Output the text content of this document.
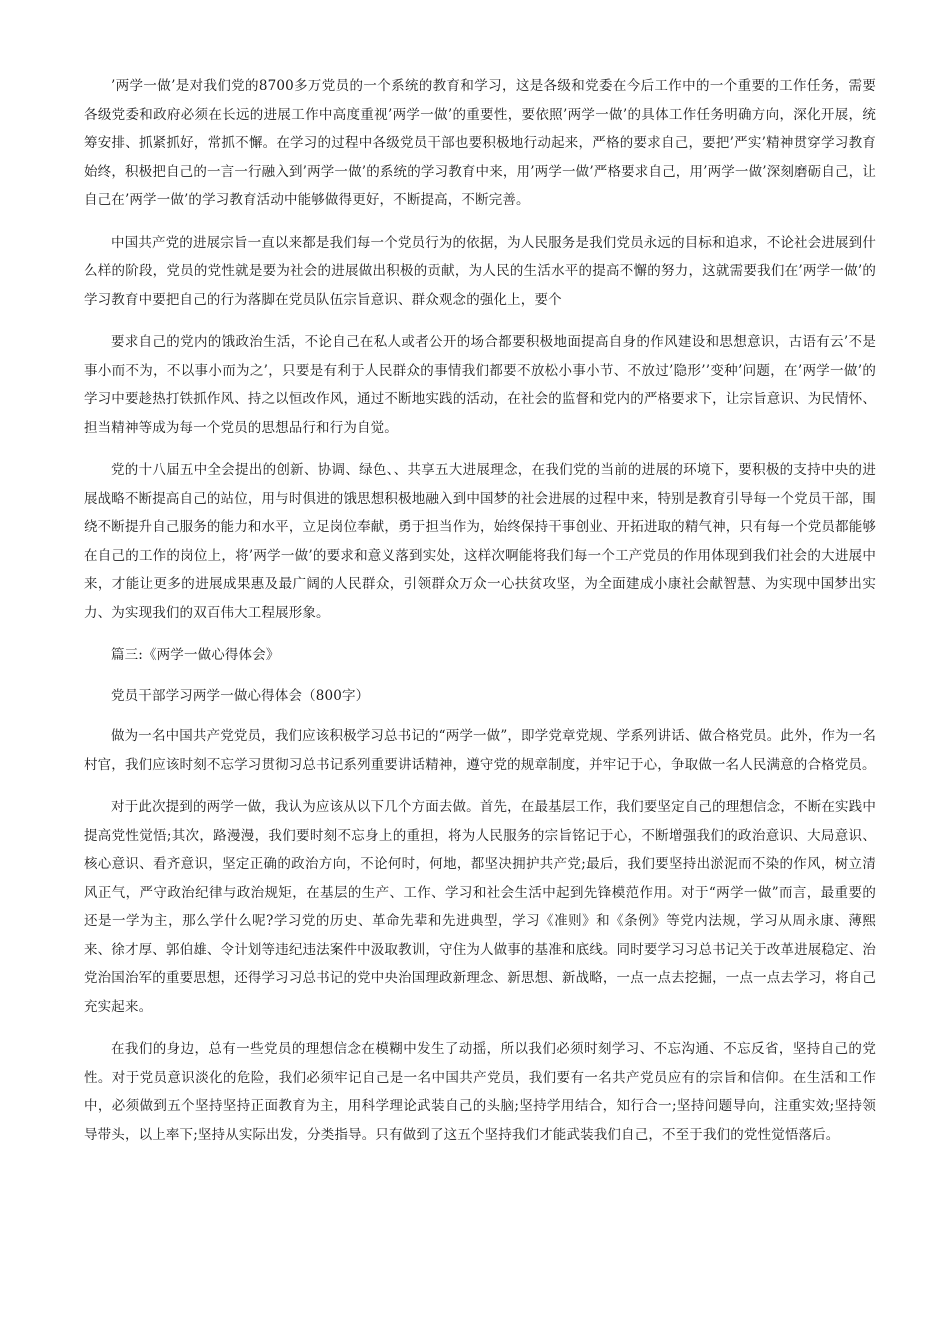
’两学一做’是对我们党的8700多万党员的一个系统的教育和学习，这是各级和党委在今后工作中的一个重要的工作任务，需要各级党委和政府必须在长远的进展工作中高度重视’两学一做’的重要性，要依照’两学一做’的具体工作任务明确方向，深化开展，统筹安排、抓紧抓好，常抓不懈。在学习的过程中各级党员干部也要积极地行动起来，严格的要求自己，要把’严实’精神贯穿学习教育始终，积极把自己的一言一行融入到’两学一做’的系统的学习教育中来，用’两学一做’严格要求自己，用’两学一做’深刻磨砺自己，让自己在’两学一做’的学习教育活动中能够做得更好，不断提高，不断完善。

中国共产党的进展宗旨一直以来都是我们每一个党员行为的依据，为人民服务是我们党员永远的目标和追求，不论社会进展到什么样的阶段，党员的党性就是要为社会的进展做出积极的贡献，为人民的生活水平的提高不懈的努力，这就需要我们在’两学一做’的学习教育中要把自己的行为落脚在党员队伍宗旨意识、群众观念的强化上，要个

要求自己的党内的饿政治生活，不论自己在私人或者公开的场合都要积极地面提高自身的作风建设和思想意识，古语有云’不是事小而不为，不以事小而为之’，只要是有利于人民群众的事情我们都要不放松小事小节、不放过’隐形’’变种’问题，在’两学一做’的学习中要趁热打铁抓作风、持之以恒改作风，通过不断地实践的活动，在社会的监督和党内的严格要求下，让宗旨意识、为民情怀、担当精神等成为每一个党员的思想品行和行为自觉。

党的十八届五中全会提出的创新、协调、绿色、、共享五大进展理念，在我们党的当前的进展的环境下，要积极的支持中央的进展战略不断提高自己的站位，用与时俱进的饿思想积极地融入到中国梦的社会进展的过程中来，特别是教育引导每一个党员干部，围绕不断提升自己服务的能力和水平，立足岗位奉献，勇于担当作为，始终保持干事创业、开拓进取的精气神，只有每一个党员都能够在自己的工作的岗位上，将’两学一做’的要求和意义落到实处，这样次啊能将我们每一个工产党员的作用体现到我们社会的大进展中来，才能让更多的进展成果惠及最广阔的人民群众，引领群众万众一心扶贫攻坚，为全面建成小康社会献智慧、为实现中国梦出实力、为实现我们的双百伟大工程展形象。

篇三:《两学一做心得体会》

党员干部学习两学一做心得体会（800字）

做为一名中国共产党党员，我们应该积极学习总书记的“两学一做”，即学党章党规、学系列讲话、做合格党员。此外，作为一名村官，我们应该时刻不忘学习贯彻习总书记系列重要讲话精神，遵守党的规章制度，并牢记于心，争取做一名人民满意的合格党员。

对于此次提到的两学一做，我认为应该从以下几个方面去做。首先，在最基层工作，我们要坚定自己的理想信念，不断在实践中提高党性觉悟;其次，路漫漫，我们要时刻不忘身上的重担，将为人民服务的宗旨铭记于心，不断增强我们的政治意识、大局意识、核心意识、看齐意识，坚定正确的政治方向，不论何时，何地，都坚决拥护共产党;最后，我们要坚持出淤泥而不染的作风，树立清风正气，严守政治纪律与政治规矩，在基层的生产、工作、学习和社会生活中起到先锋模范作用。对于“两学一做”而言，最重要的还是一学为主，那么学什么呢?学习党的历史、革命先辈和先进典型，学习《准则》和《条例》等党内法规，学习从周永康、薄熙来、徐才厚、郭伯雄、令计划等违纪违法案件中汲取教训，守住为人做事的基准和底线。同时要学习习总书记关于改革进展稳定、治党治国治军的重要思想，还得学习习总书记的党中央治国理政新理念、新思想、新战略，一点一点去挖掘，一点一点去学习，将自己充实起来。

在我们的身边，总有一些党员的理想信念在模糊中发生了动摇，所以我们必须时刻学习、不忘沟通、不忘反省，坚持自己的党性。对于党员意识淡化的危险，我们必须牢记自己是一名中国共产党员，我们要有一名共产党员应有的宗旨和信仰。在生活和工作中，必须做到五个坚持坚持正面教育为主，用科学理论武装自己的头脑;坚持学用结合，知行合一;坚持问题导向，注重实效;坚持领导带头，以上率下;坚持从实际出发，分类指导。只有做到了这五个坚持我们才能武装我们自己，不至于我们的党性觉悟落后。
